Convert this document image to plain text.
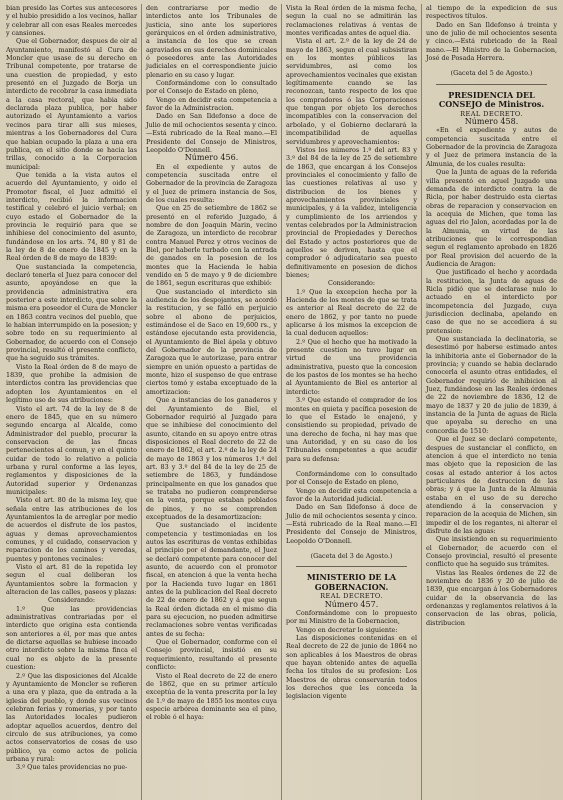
bian presido las Cortes sus antecesores y el hubio presidido a los vecinos, hallar y celebrar all con esas Reales mercedes y cansiones.

Que el Gobernador, despues de oir al Ayuntamiento, manifestó al Cura de Moncler que usase de su derecho en Tribunal competente, por tratarse de una cuestion de propiedad, y esto presentó en el Juzgado de Borja un interdicto de recobrar la casa inmediata a la casa rectoral, que habia sido declarada plaza publica, por haber autorizado el Ayuntamiento a varios vecinos para tirar alli sus mieses, mientras a los Gobernadores del Cura que habian ocupado la plaza a una era publica, en el sitio donde se hacia las trillas, conocido a la Corporacion municipal:

Que tenida a la vista autos el acuerdo del Ayuntamiento, y oido el Promotor fiscal, el Juez admitió el interdicto, recibió la informacion testifical y celebró el juicio verbal; en cuyo estado el Gobernador de la provincia le requirió para que se inhibiese del conocimiento del asunto, fundándose en los arts. 74, 80 y 81 de la ley de 8 de enero de 1845 y en la Real órden de 8 de mayo de 1839:

Que sustanciada la competencia, declaró tenerla el Juez para conocer del asunto, apoyándose en que la providencia administrativa era posterior a este interdicto, que sobre la misma era poseedor el Cura de Moncler en 1863 contra vecinos del pueblo, que le habian interrumpido en la posesion; y sobre todo en su requerimiento al Gobernador, de acuerdo con el Consejo provincial, resultó el presente conflicto, que ha seguido sus trámites.

Visto la Real órden de 8 de mayo de 1839, que prohibe la admision de interdictos contra las providencias que adopten los Ayuntamientos en el legítimo uso de sus atribuciones:

Visto el art. 74 de la ley de 8 de enero de 1845, que en su número segundo encarga al Alcalde, como Administrador del pueblo, procurar la conservacion de las fincas pertenecientes al comun, y en el quinto cuidar de todo lo relativo a policía urbana y rural conforme a las leyes, reglamentos y disposiciones de la Autoridad superior y Ordenanzas municipales:

Visto el art. 80 de la misma ley, que señala entre las atribuciones de los Ayuntamientos la de arreglar por medio de acuerdos el disfrute de los pastos, aguas y demas aprovechamientos comunes, y el cuidado, conservacion y reparacion de los caminos y veredas, puentes y pontones vecinales:

Visto el art. 81 de la repetida ley segun el cual deliberan los Ayuntamientos sobre la formacion y alteracion de las calles, paseos y plazas:

Considerando:

1.º Que las providencias administrativas contrariadas por el interdicto que origina esta contienda son anteriores a él, por mas que antes de dictarse aquellas se hubiese incoado otro interdicto sobre la misma finca el cual no es objeto de la presente cuestion:

2.º Que las disposiciones del Alcalde y Ayuntamiento de Moncler se refieren a una era y plaza, que da entrada a la iglesia del pueblo, y donde sus vecinos celebran ferias y romerias, y por tanto las Autoridades locales pudieron adoptar aquellos acuerdos, dentro del circulo de sus atribuciones, ya como actos conservatorios de cosas de uso público, ya como actos de policía urbana y rural:

3.º Que tales providencias no pue-

den contrariarse por medio de interdictos ante los Tribunales de justicia, sino ante los superiores gerárquicos en el órden administrativo, a instancia de los que se crean agraviados en sus derechos dominicales ó poseedores ante las Autoridades judiciales en el correspondiente juicio plenario en su caso y lugar.

Conformándome con lo consultado por el Consejo de Estado en pleno,

Vengo en decidir esta competencia a favor de la Administracion.

Dado en San Ildefonso a doce de Julio de mil ochocientos sesenta y cinco.—Está rubricado de la Real mano.—El Presidente del Consejo de Ministros, Leopoldo O'Donnell.

Número 456.

En el expediente y autos de competencia suscitada entre el Gobernador de la provincia de Zaragoza y el Juez de primera instancia de Sos, de los cuales resulta:

Que en 25 de setiembre de 1862 se presentó en el referido Juzgado, á nombre de don Joaquin Marin, vecino de Zaragoza, un interdicto de recobrar contra Manuel Perez y otros vecinos de Biel, por haberle turbado con la entrada de ganados en la posesion de los montes que la Hacienda le habia vendido en 5 de mayo y 9 de diciembre de 1861, segun escrituras que exhibió:

Que sustanciado el interdicto sin audiencia de los despojantes, se acordó la restitucion, y se falló en perjuicio sobre el abono de perjuicios, estimándose el de Saco en 19,600 rs., y estándose ejecutando esta providencia, el Ayuntamiento de Biel ápela y obtuvo del Gobernador de la provincia de Zaragoza que le autorizase, para entrar siempre en unión opuesto a partidas de monte, hizo el suspenso de que entrase ciertos tomó y estaba exceptuado de la amortizacion:

Que a instancias de los ganaderos y del Ayuntamiento de Biel, el Gobernador requirió al Juzgado para que se inhibiese del conocimiento del asunto, citando en su apoyo entre otras disposiciones el Real decreto de 22 de enero de 1862, el art. 2.º de la ley de 24 de mayo de 1863 y los números 1.º del art. 83 y 3.º del 84 de la ley de 25 de setiembre de 1863, y fundándose principalmente en que los ganados que se trataba no pudieron comprenderse en la venta, porque estaban poblados de pinos, y no se comprenden exceptuados de la desamortizacion:

Que sustanciado el incidente competencia y testimoniadas en los autos las escrituras de ventas exhibidas al principio por el demandante, el Juez se declaró competente para conocer del asunto, de acuerdo con el promotor fiscal, en atencion á que la venta hecha por la Hacienda tuvo lugar en 1861 antes de la publicacion del Real decreto de 22 de enero de 1862 y á que segun la Real órden dictada en el mismo dia para su ejecucion, no pueden admitirse reclamaciones sobre ventas verificadas antes de su fecha:

Que el Gobernador, conforme con el Consejo provincial, insistió en su requerimiento, resultando el presente conflicto:

Visto el Real decreto de 22 de enero de 1862, que en su primer artículo exceptúa de la venta prescrita por la ley de 1.º de mayo de 1855 los montes cuya especie arbórea dominante sea el pino, el roble ó el haya:

Vista la Real órden de la misma fecha, segun la cual no se admitirán las reclamaciones relativas á ventas de montes verificadas antes de aquel dia.

Vista el art. 2.º de la ley de 24 de mayo de 1863, segun el cual subsistiran en los montes públicos las servidumbres, asi como los aprovechamientos vecinales que existan legítimamente cuando se las reconozcan, tanto respecto de los que los compradores ó las Corporaciones que tengan por objeto los derechos incompatibles con la conservacion del arbolado, y el Gobierno declarará la incompatibilidad de aquellas servidumbres y aprovechamientos:

Vistos los números 1.º del art. 83 y 3.º del 84 de la ley de 25 de setiembre de 1863, que encargan á los Consejos provinciales el conocimiento y fallo de las cuestiones relativas al uso y distribucion de los bienes y aprovechamientos provinciales y municipales, y á la validez, inteligencia y cumplimiento de los arriendos y ventas celebrados por la Administracion provincial de Propiedades y Derechos del Estado y actos posteriores que de aquellos se deriven, hasta que el comprador ó adjudicatario sea puesto definitivamente en posesion de dichos bienes;

Considerando:

1.º Que la excepcion hecha por la Hacienda de los montes de que se trata es anterior al Real decreto de 22 de enero de 1862, y por tanto no puede aplicarse á los mismos la excepcion de la cual deducen aquellos:

2.º Que el hecho que ha motivado la presente cuestion no tuvo lugar en virtud de una providencia administrativa, puesto que la concesion de los pastos de los montes se ha hecho al Ayuntamiento de Biel es anterior al interdicto:

3.º Que estando el comprador de los montes en quieta y pacífica posesion de lo que el Estado le enajenó, y consistiendo su propiedad, privado de una derecho de fecha, ni hay mas que una Autoridad, y en su caso de los Tribunales competentes a que acudir para su defensa:

Conformándome con lo consultado por el Consejo de Estado en pleno,

Vengo en decidir esta competencia a favor de la Autoridad judicial.

Dado en San Ildefonso á doce de Julio de mil ochocientos sesenta y cinco.—Está rubricado de la Real mano.—El Presidente del Consejo de Ministros, Leopoldo O'Donnell.

(Gaceta del 3 de Agosto.)

MINISTERIO DE LA GOBERNACION.

REAL DECRETO.

Número 457.

Conformándome con lo propuesto por mi Ministro de la Gobernacion,

Vengo en decretar lo siguiente:

Las disposiciones contenidas en el Real decreto de 22 de junio de 1864 no son aplicables á los Maestros de obras que hayan obtenido antes de aquella fecha los títulos de su profesion: Los Maestros de obras conservarán todos los derechos que les conceda la legislacion vigente

al tiempo de la expedicion de sus respectivos títulos.

Dado en San Ildefonso á treinta y uno de julio de mil ochocientos sesenta y cinco.—Está rubricado de la Real mano.—El Ministro de la Gobernacion, José de Posada Herrera.

(Gaceta del 5 de Agosto.)

PRESIDENCIA DEL CONSEJO de Ministros.

REAL DECRETO.

Número 458.

«En el expediente y autos de competencia suscitada entre el Gobernador de la provincia de Zaragoza y el Juez de primera instancia de la Almunia, de los cuales resulta:

Que la Junta de aguas de la referida villa presentó en aquel Juzgado una demanda de interdicto contra la de Ricla, por haber destruido esta ciertas obras de reparacion y conservacion en la acequia de Michen, que toma las aguas del rio Jalon, acordadas por la de la Almunia, en virtud de las atribuciones que le correspondian segun el reglamento aprobado en 1826 por Real provision del acuerdo de la Audiencia de Aragon:

Que justificado el hecho y acordada la restitucion, la Junta de aguas de Ricla pidió que se declarase nulo lo actuado en el interdicto por incompetencia del Juzgado, cuya jurisdiccion declinaba, apelando en caso de que no se accediera á su pretension:

Que sustanciada la declinatoria, se desestimó por haberse estimado antes la inhibitoria ante el Gobernador de la provincia; y cuando se habia declarado conocerla el asunto otras entidades, el Gobernador requirió de inhibicion al Juez, fundándose en las Reales órdenes de 22 de noviembre de 1836, 12 de mayo de 1837 y 20 de julio de 1839, á instancia de la Junta de aguas de Ricla que apoyaba su derecho en una concordia de 1510:

Que el Juez se declaró competente, despues de sustanciar el conflicto, en atencion á que el interdicto no tenia mas objeto que la reposicion de las cosas al estado anterior á los actos particulares de destruccion de las obras; y á que la Junta de la Almunia estaba en el uso de su derecho atendiendo á la conservacion y reparacion de la acequia de Michen, sin impedir el de los regantes, ni alterar el disfrute de las aguas:

Que insistiendo en su requerimiento el Gobernador, de acuerdo con el Consejo provincial, resultó el presente conflicto que ha seguido sus trámites.

Vistas las Reales órdenes de 22 de noviembre de 1836 y 20 de julio de 1839, que encargan á los Gobernadores cuidar de la observancia de las ordenanzas y reglamentos relativos á la conservacion de las obras, policía, distribucion
